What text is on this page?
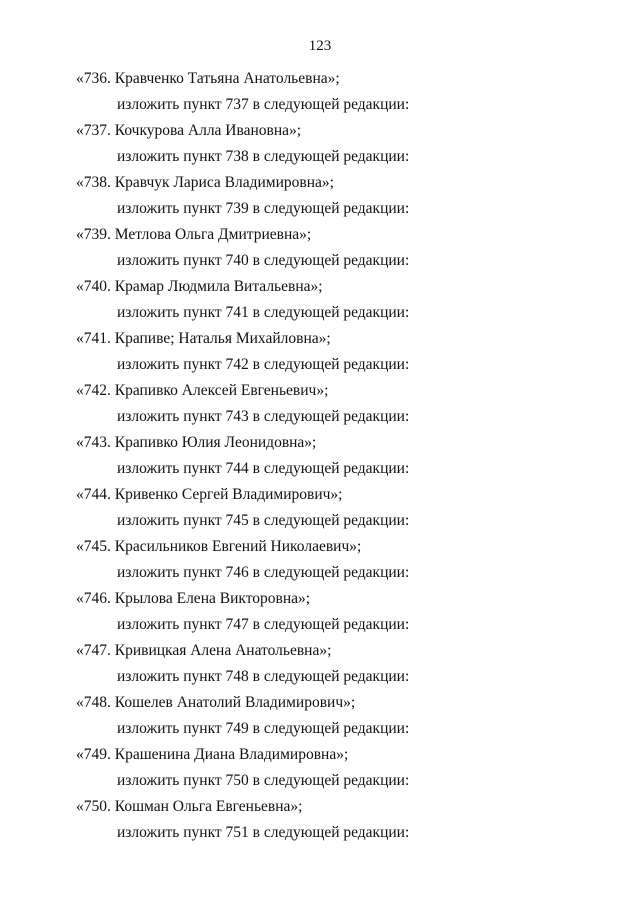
123
«736. Кравченко Татьяна Анатольевна»;
изложить пункт 737 в следующей редакции:
«737. Кочкурова Алла Ивановна»;
изложить пункт 738 в следующей редакции:
«738. Кравчук Лариса Владимировна»;
изложить пункт 739 в следующей редакции:
«739. Метлова Ольга Дмитриевна»;
изложить пункт 740 в следующей редакции:
«740. Крамар Людмила Витальевна»;
изложить пункт 741 в следующей редакции:
«741. Крапиве; Наталья Михайловна»;
изложить пункт 742 в следующей редакции:
«742. Крапивко Алексей Евгеньевич»;
изложить пункт 743 в следующей редакции:
«743. Крапивко Юлия Леонидовна»;
изложить пункт 744 в следующей редакции:
«744. Кривенко Сергей Владимирович»;
изложить пункт 745 в следующей редакции:
«745. Красильников Евгений Николаевич»;
изложить пункт 746 в следующей редакции:
«746. Крылова Елена Викторовна»;
изложить пункт 747 в следующей редакции:
«747. Кривицкая Алена Анатольевна»;
изложить пункт 748 в следующей редакции:
«748. Кошелев Анатолий Владимирович»;
изложить пункт 749 в следующей редакции:
«749. Крашенина Диана Владимировна»;
изложить пункт 750 в следующей редакции:
«750. Кошман Ольга Евгеньевна»;
изложить пункт 751 в следующей редакции:
